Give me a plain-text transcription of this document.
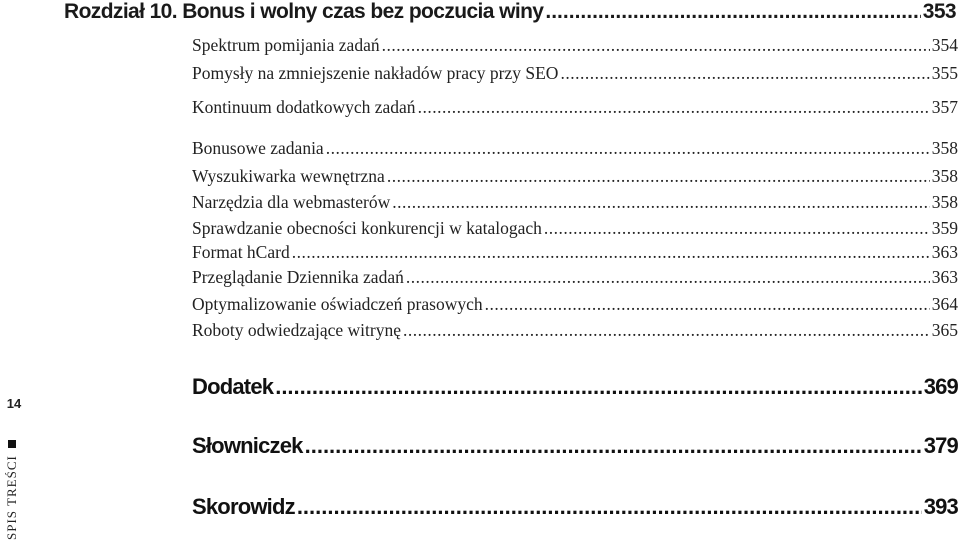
Rozdział 10. Bonus i wolny czas bez poczucia winy .....	353
Spektrum pomijania zadań .....	354
Pomysły na zmniejszenie nakładów pracy przy SEO .....	355
Kontinuum dodatkowych zadań .....	357
Bonusowe zadania .....	358
Wyszukiwarka wewnętrzna .....	358
Narzędzia dla webmasterów .....	358
Sprawdzanie obecności konkurencji w katalogach .....	359
Format hCard .....	363
Przeglądanie Dziennika zadań .....	363
Optymalizowanie oświadczeń prasowych .....	364
Roboty odwiedzające witrynę .....	365
Dodatek .....	369
Słowniczek .....	379
Skorowidz .....	393
14
SPIS TREŚCI
